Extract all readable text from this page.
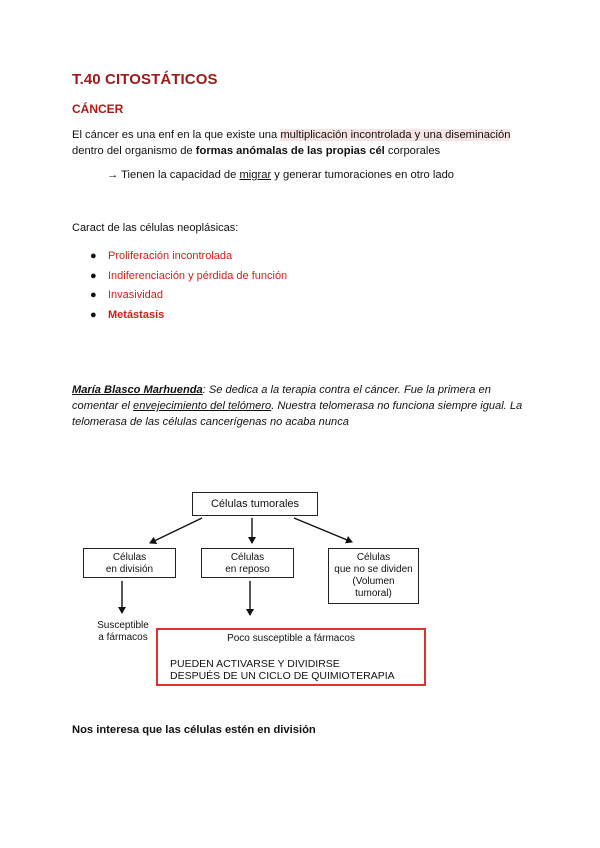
T.40 CITOSTÁTICOS
CÁNCER
El cáncer es una enf en la que existe una multiplicación incontrolada y una diseminación
dentro del organismo de formas anómalas de las propias cél corporales
→ Tienen la capacidad de migrar y generar tumoraciones en otro lado
Caract de las células neoplásicas:
● Proliferación incontrolada
● Indiferenciación y pérdida de función
● Invasividad
● Metástasis
María Blasco Marhuenda: Se dedica a la terapia contra el cáncer. Fue la primera en comentar el envejecimiento del telómero. Nuestra telomerasa no funciona siempre igual. La telomerasa de las células cancerígenas no acaba nunca
Células tumorales
Células
en división
Células
en reposo
Células
que no se dividen
(Volumen
tumoral)
Susceptible
a fármacos	Poco susceptible a fármacos
PUEDEN ACTIVARSE Y DIVIDIRSE
DESPUÉS DE UN CICLO DE QUIMIOTERAPIA
Nos interesa que las células estén en división
